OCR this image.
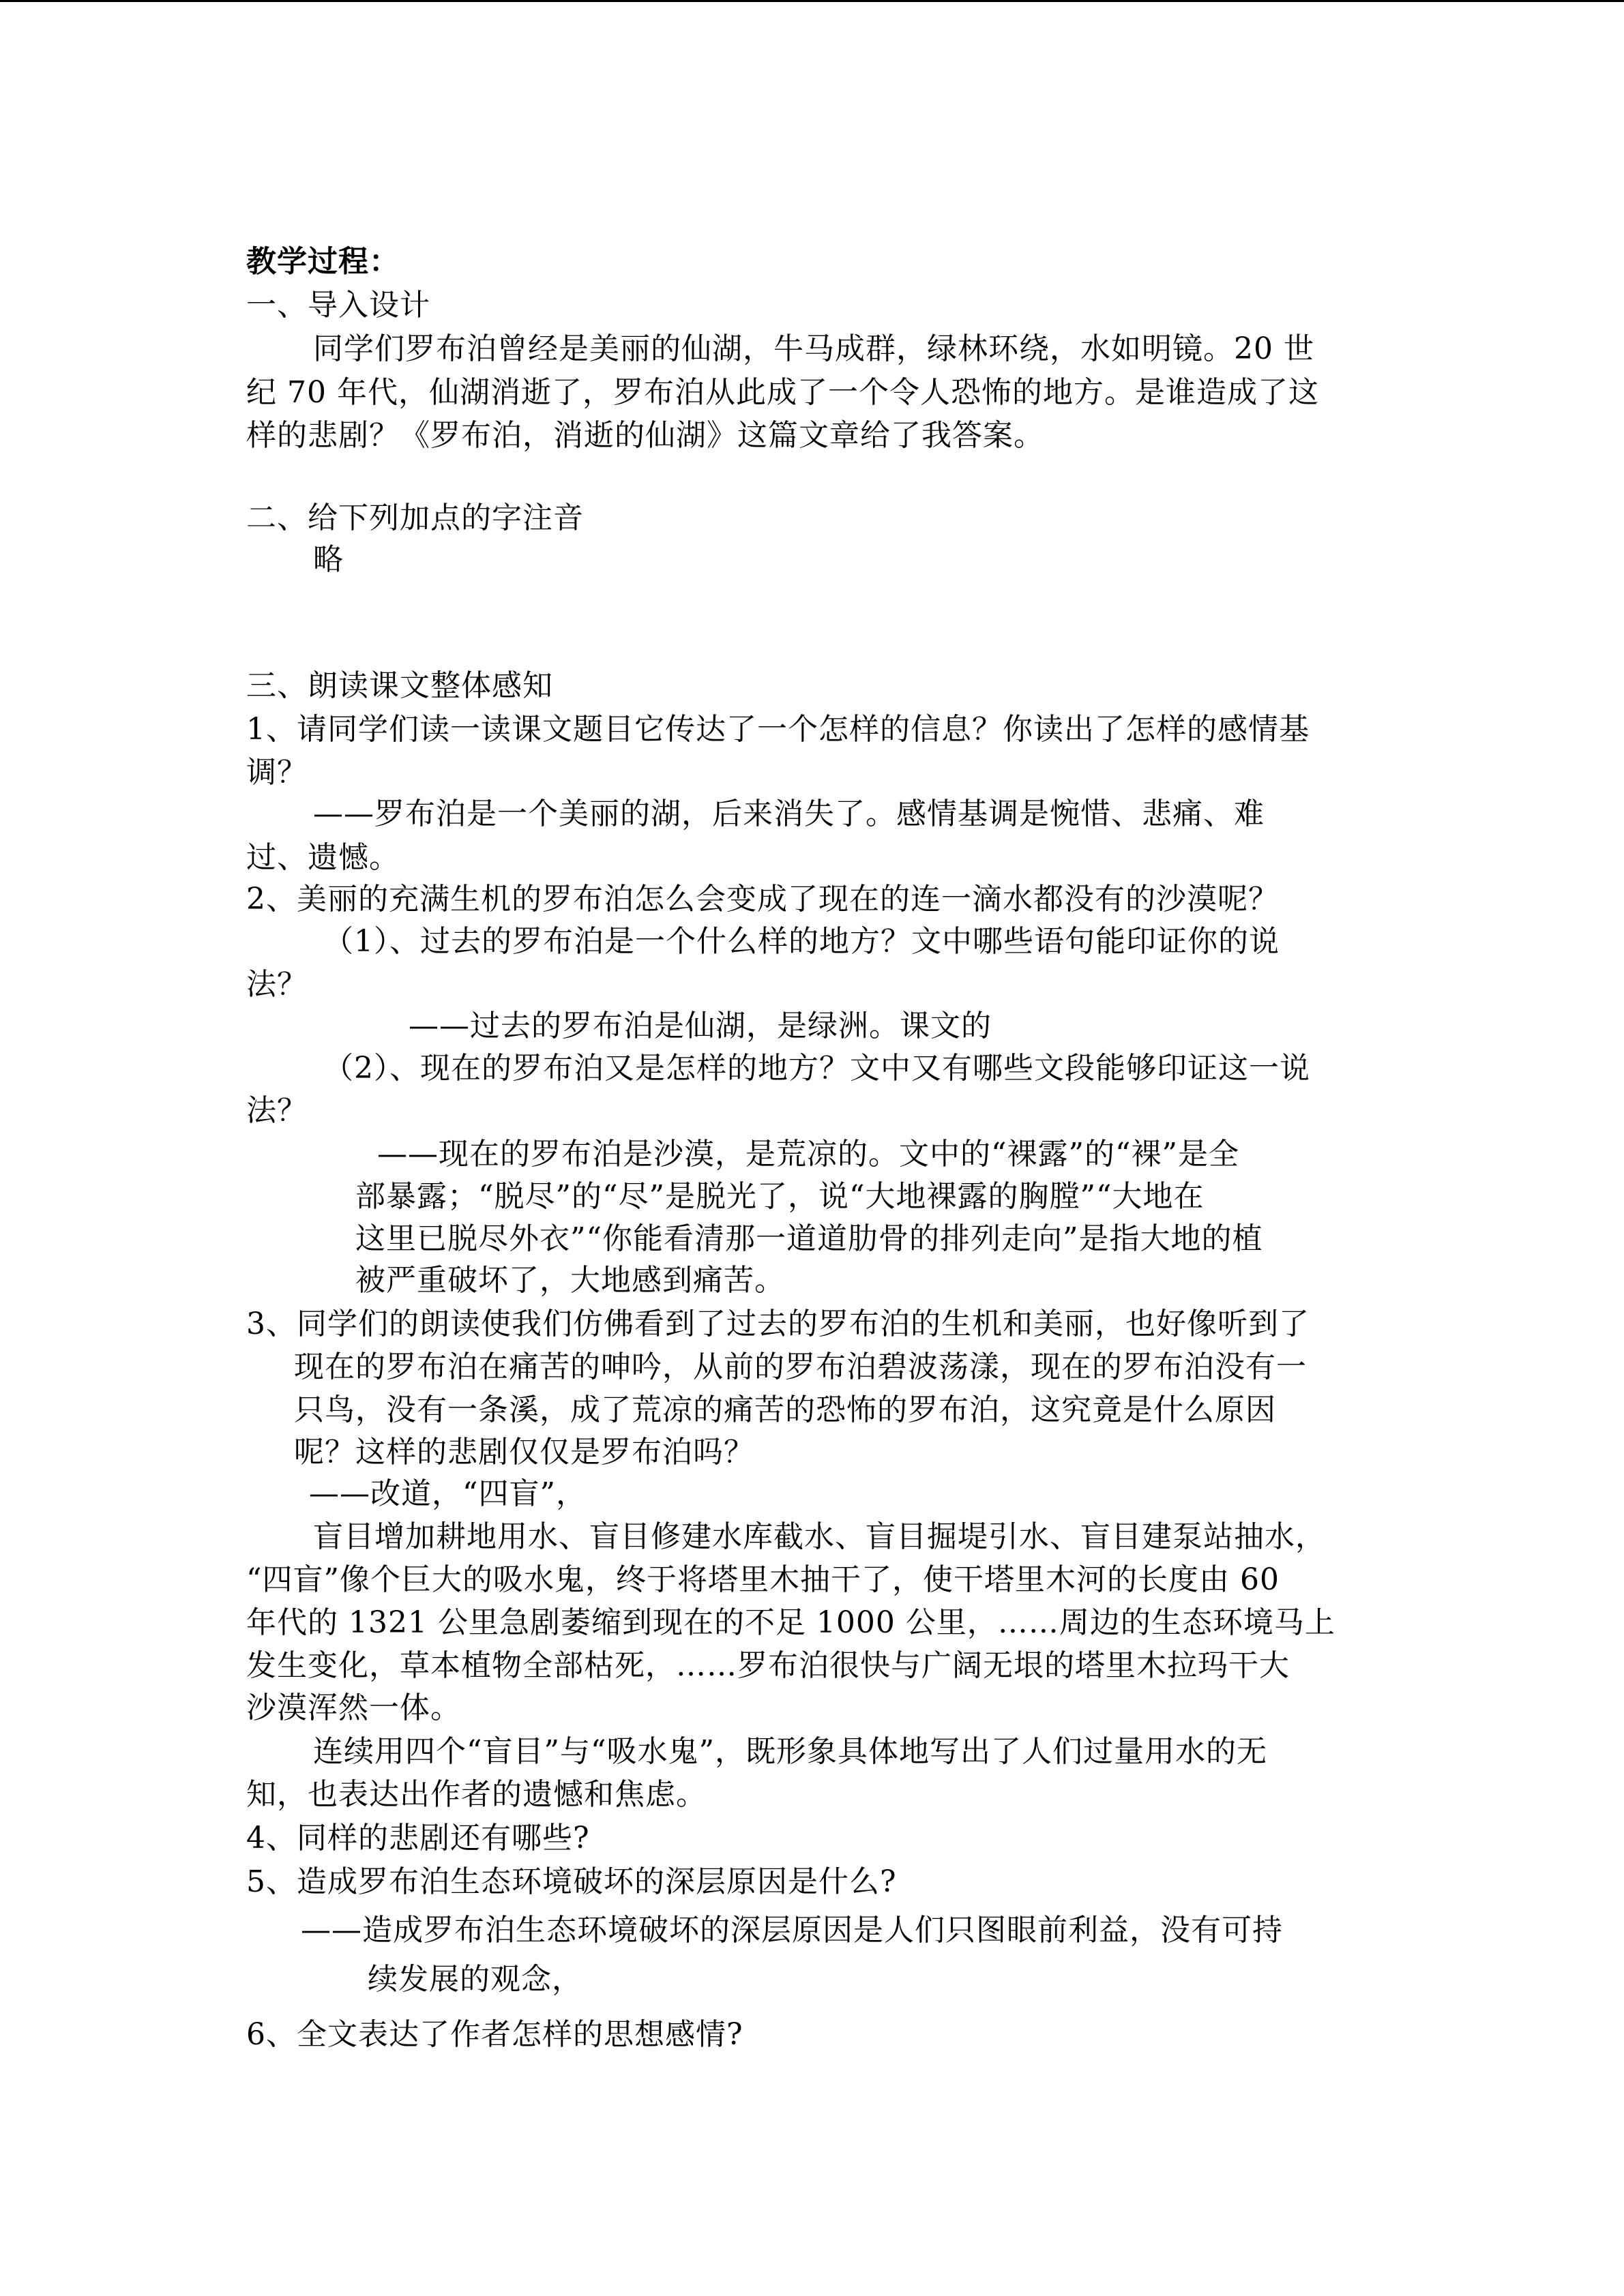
教学过程：

一、导入设计

同学们罗布泊曾经是美丽的仙湖，牛马成群，绿林环绕，水如明镜。20 世

纪 70 年代，仙湖消逝了，罗布泊从此成了一个令人恐怖的地方。是谁造成了这

样的悲剧？《罗布泊，消逝的仙湖》这篇文章给了我答案。

二、给下列加点的字注音

略

三、朗读课文整体感知

1、请同学们读一读课文题目它传达了一个怎样的信息？你读出了怎样的感情基

调？

——罗布泊是一个美丽的湖，后来消失了。感情基调是惋惜、悲痛、难

过、遗憾。

2、美丽的充满生机的罗布泊怎么会变成了现在的连一滴水都没有的沙漠呢？

（1）、过去的罗布泊是一个什么样的地方？文中哪些语句能印证你的说

法？

——过去的罗布泊是仙湖，是绿洲。课文的

（2）、现在的罗布泊又是怎样的地方？文中又有哪些文段能够印证这一说

法？

——现在的罗布泊是沙漠，是荒凉的。文中的“裸露”的“裸”是全

部暴露；“脱尽”的“尽”是脱光了，说“大地裸露的胸膛”“大地在

这里已脱尽外衣”“你能看清那一道道肋骨的排列走向”是指大地的植

被严重破坏了，大地感到痛苦。

3、同学们的朗读使我们仿佛看到了过去的罗布泊的生机和美丽，也好像听到了

现在的罗布泊在痛苦的呻吟，从前的罗布泊碧波荡漾，现在的罗布泊没有一

只鸟，没有一条溪，成了荒凉的痛苦的恐怖的罗布泊，这究竟是什么原因

呢？这样的悲剧仅仅是罗布泊吗？

——改道，“四盲”，

盲目增加耕地用水、盲目修建水库截水、盲目掘堤引水、盲目建泵站抽水，

“四盲”像个巨大的吸水鬼，终于将塔里木抽干了，使干塔里木河的长度由 60

年代的 1321 公里急剧萎缩到现在的不足 1000 公里，……周边的生态环境马上

发生变化，草本植物全部枯死，……罗布泊很快与广阔无垠的塔里木拉玛干大

沙漠浑然一体。

连续用四个“盲目”与“吸水鬼”，既形象具体地写出了人们过量用水的无

知，也表达出作者的遗憾和焦虑。

4、同样的悲剧还有哪些?

5、造成罗布泊生态环境破坏的深层原因是什么?

——造成罗布泊生态环境破坏的深层原因是人们只图眼前利益，没有可持

续发展的观念，

6、全文表达了作者怎样的思想感情?
